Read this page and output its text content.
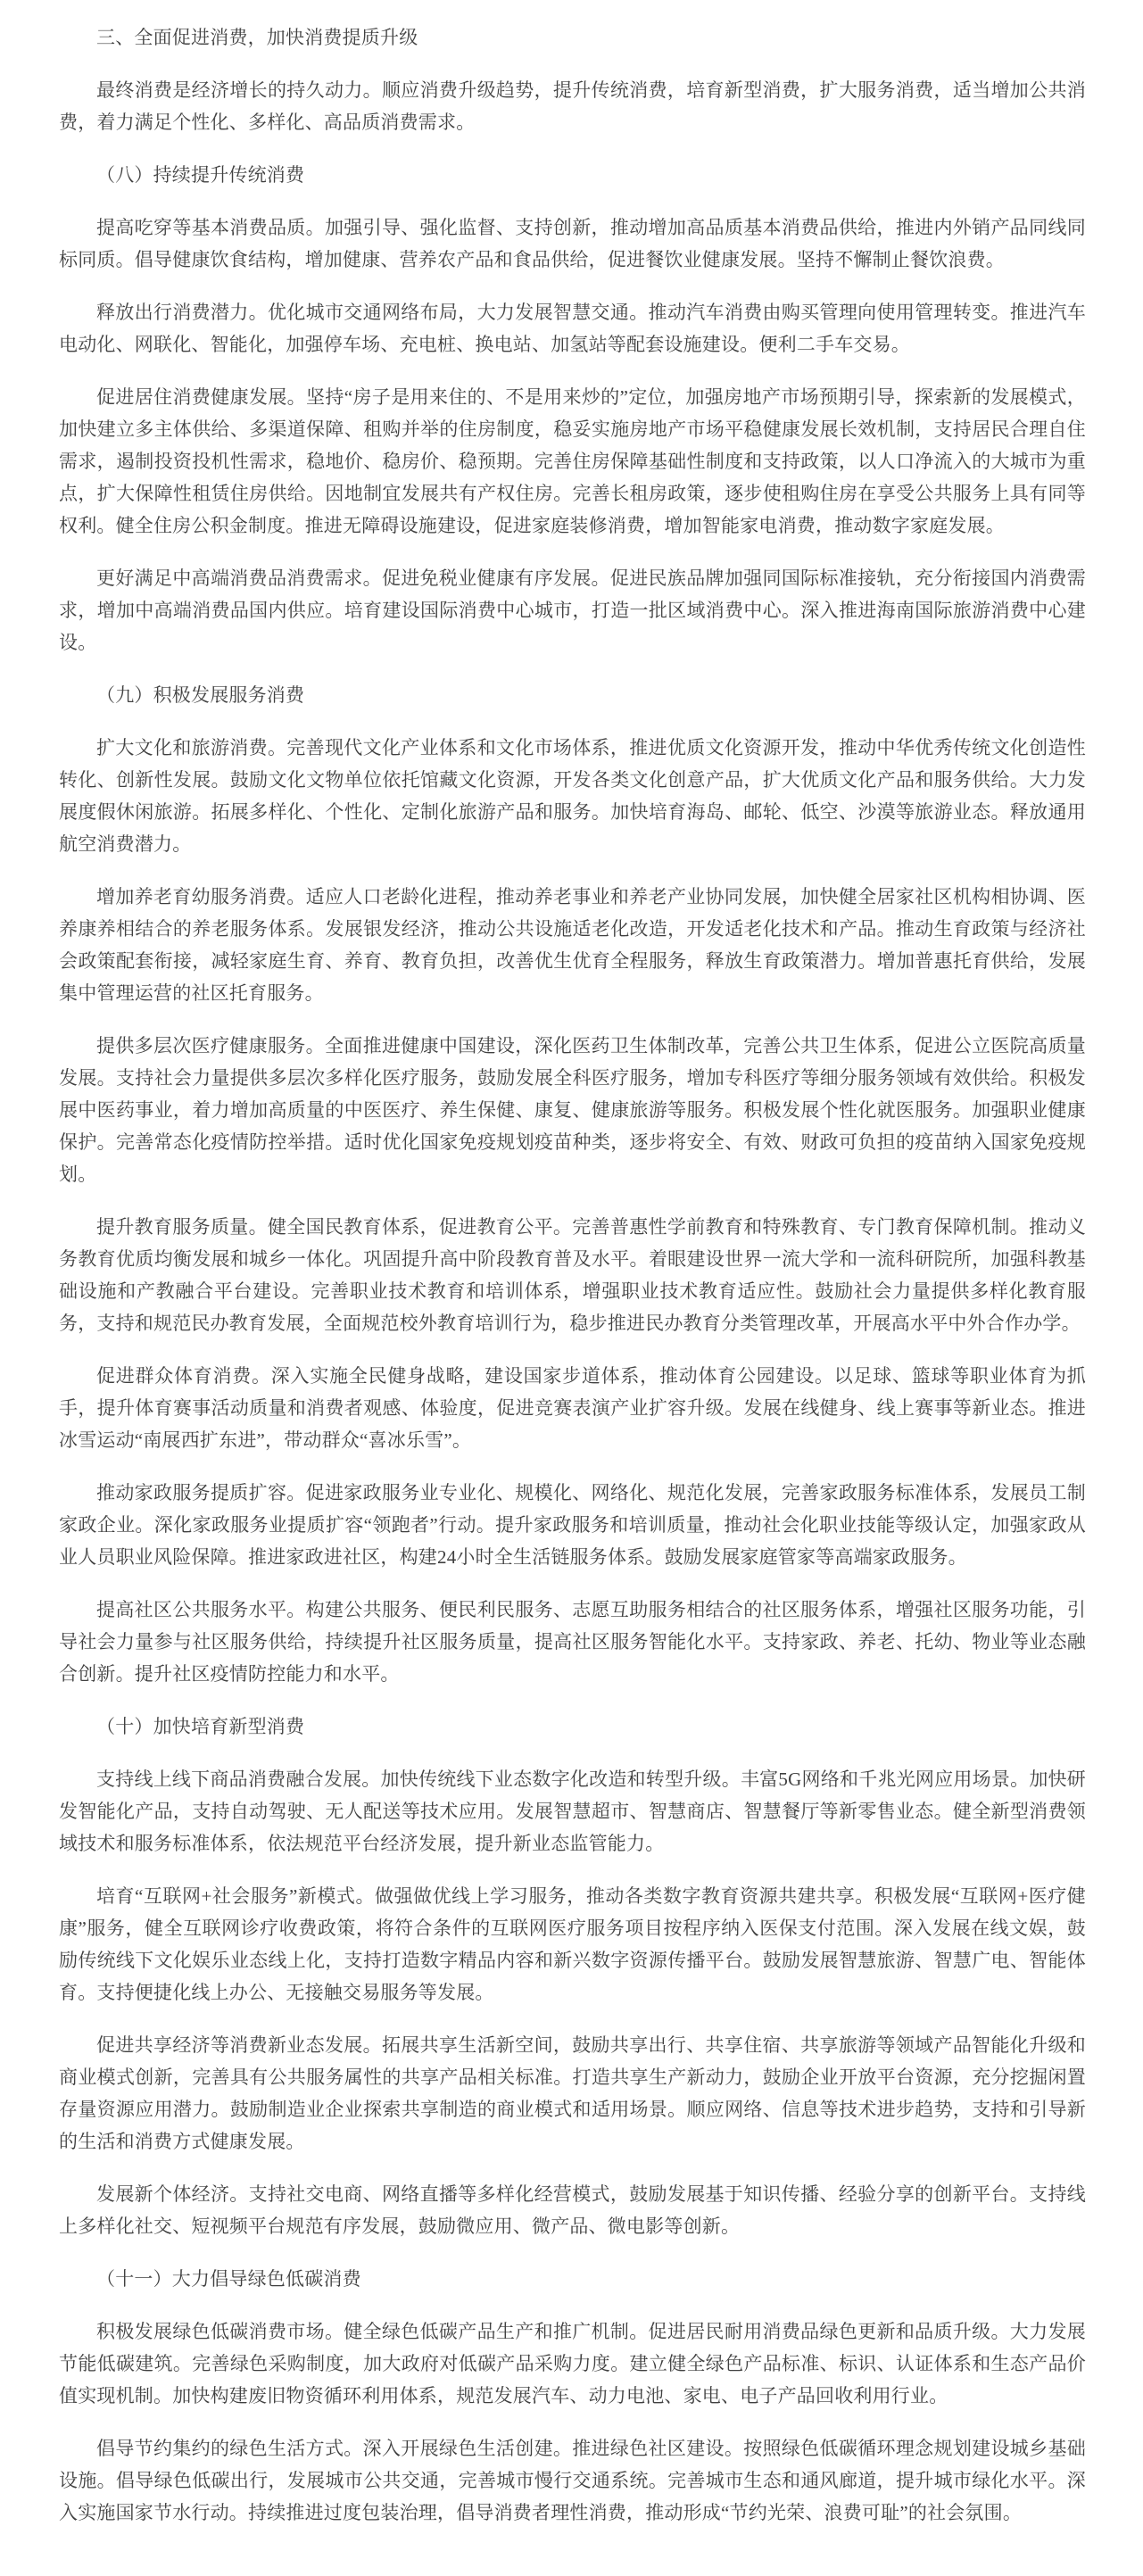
三、全面促进消费，加快消费提质升级

最终消费是经济增长的持久动力。顺应消费升级趋势，提升传统消费，培育新型消费，扩大服务消费，适当增加公共消费，着力满足个性化、多样化、高品质消费需求。

（八）持续提升传统消费

提高吃穿等基本消费品质。加强引导、强化监督、支持创新，推动增加高品质基本消费品供给，推进内外销产品同线同标同质。倡导健康饮食结构，增加健康、营养农产品和食品供给，促进餐饮业健康发展。坚持不懈制止餐饮浪费。

释放出行消费潜力。优化城市交通网络布局，大力发展智慧交通。推动汽车消费由购买管理向使用管理转变。推进汽车电动化、网联化、智能化，加强停车场、充电桩、换电站、加氢站等配套设施建设。便利二手车交易。

促进居住消费健康发展。坚持“房子是用来住的、不是用来炒的”定位，加强房地产市场预期引导，探索新的发展模式，加快建立多主体供给、多渠道保障、租购并举的住房制度，稳妥实施房地产市场平稳健康发展长效机制，支持居民合理自住需求，遏制投资投机性需求，稳地价、稳房价、稳预期。完善住房保障基础性制度和支持政策，以人口净流入的大城市为重点，扩大保障性租赁住房供给。因地制宜发展共有产权住房。完善长租房政策，逐步使租购住房在享受公共服务上具有同等权利。健全住房公积金制度。推进无障碍设施建设，促进家庭装修消费，增加智能家电消费，推动数字家庭发展。

更好满足中高端消费品消费需求。促进免税业健康有序发展。促进民族品牌加强同国际标准接轨，充分衔接国内消费需求，增加中高端消费品国内供应。培育建设国际消费中心城市，打造一批区域消费中心。深入推进海南国际旅游消费中心建设。

（九）积极发展服务消费

扩大文化和旅游消费。完善现代文化产业体系和文化市场体系，推进优质文化资源开发，推动中华优秀传统文化创造性转化、创新性发展。鼓励文化文物单位依托馆藏文化资源，开发各类文化创意产品，扩大优质文化产品和服务供给。大力发展度假休闲旅游。拓展多样化、个性化、定制化旅游产品和服务。加快培育海岛、邮轮、低空、沙漠等旅游业态。释放通用航空消费潜力。

增加养老育幼服务消费。适应人口老龄化进程，推动养老事业和养老产业协同发展，加快健全居家社区机构相协调、医养康养相结合的养老服务体系。发展银发经济，推动公共设施适老化改造，开发适老化技术和产品。推动生育政策与经济社会政策配套衔接，减轻家庭生育、养育、教育负担，改善优生优育全程服务，释放生育政策潜力。增加普惠托育供给，发展集中管理运营的社区托育服务。

提供多层次医疗健康服务。全面推进健康中国建设，深化医药卫生体制改革，完善公共卫生体系，促进公立医院高质量发展。支持社会力量提供多层次多样化医疗服务，鼓励发展全科医疗服务，增加专科医疗等细分服务领域有效供给。积极发展中医药事业，着力增加高质量的中医医疗、养生保健、康复、健康旅游等服务。积极发展个性化就医服务。加强职业健康保护。完善常态化疫情防控举措。适时优化国家免疫规划疫苗种类，逐步将安全、有效、财政可负担的疫苗纳入国家免疫规划。

提升教育服务质量。健全国民教育体系，促进教育公平。完善普惠性学前教育和特殊教育、专门教育保障机制。推动义务教育优质均衡发展和城乡一体化。巩固提升高中阶段教育普及水平。着眼建设世界一流大学和一流科研院所，加强科教基础设施和产教融合平台建设。完善职业技术教育和培训体系，增强职业技术教育适应性。鼓励社会力量提供多样化教育服务，支持和规范民办教育发展，全面规范校外教育培训行为，稳步推进民办教育分类管理改革，开展高水平中外合作办学。

促进群众体育消费。深入实施全民健身战略，建设国家步道体系，推动体育公园建设。以足球、篮球等职业体育为抓手，提升体育赛事活动质量和消费者观感、体验度，促进竞赛表演产业扩容升级。发展在线健身、线上赛事等新业态。推进冰雪运动“南展西扩东进”，带动群众“喜冰乐雪”。

推动家政服务提质扩容。促进家政服务业专业化、规模化、网络化、规范化发展，完善家政服务标准体系，发展员工制家政企业。深化家政服务业提质扩容“领跑者”行动。提升家政服务和培训质量，推动社会化职业技能等级认定，加强家政从业人员职业风险保障。推进家政进社区，构建24小时全生活链服务体系。鼓励发展家庭管家等高端家政服务。

提高社区公共服务水平。构建公共服务、便民利民服务、志愿互助服务相结合的社区服务体系，增强社区服务功能，引导社会力量参与社区服务供给，持续提升社区服务质量，提高社区服务智能化水平。支持家政、养老、托幼、物业等业态融合创新。提升社区疫情防控能力和水平。

（十）加快培育新型消费

支持线上线下商品消费融合发展。加快传统线下业态数字化改造和转型升级。丰富5G网络和千兆光网应用场景。加快研发智能化产品，支持自动驾驶、无人配送等技术应用。发展智慧超市、智慧商店、智慧餐厅等新零售业态。健全新型消费领域技术和服务标准体系，依法规范平台经济发展，提升新业态监管能力。

培育“互联网+社会服务”新模式。做强做优线上学习服务，推动各类数字教育资源共建共享。积极发展“互联网+医疗健康”服务，健全互联网诊疗收费政策，将符合条件的互联网医疗服务项目按程序纳入医保支付范围。深入发展在线文娱，鼓励传统线下文化娱乐业态线上化，支持打造数字精品内容和新兴数字资源传播平台。鼓励发展智慧旅游、智慧广电、智能体育。支持便捷化线上办公、无接触交易服务等发展。

促进共享经济等消费新业态发展。拓展共享生活新空间，鼓励共享出行、共享住宿、共享旅游等领域产品智能化升级和商业模式创新，完善具有公共服务属性的共享产品相关标准。打造共享生产新动力，鼓励企业开放平台资源，充分挖掘闲置存量资源应用潜力。鼓励制造业企业探索共享制造的商业模式和适用场景。顺应网络、信息等技术进步趋势，支持和引导新的生活和消费方式健康发展。

发展新个体经济。支持社交电商、网络直播等多样化经营模式，鼓励发展基于知识传播、经验分享的创新平台。支持线上多样化社交、短视频平台规范有序发展，鼓励微应用、微产品、微电影等创新。

（十一）大力倡导绿色低碳消费

积极发展绿色低碳消费市场。健全绿色低碳产品生产和推广机制。促进居民耐用消费品绿色更新和品质升级。大力发展节能低碳建筑。完善绿色采购制度，加大政府对低碳产品采购力度。建立健全绿色产品标准、标识、认证体系和生态产品价值实现机制。加快构建废旧物资循环利用体系，规范发展汽车、动力电池、家电、电子产品回收利用行业。

倡导节约集约的绿色生活方式。深入开展绿色生活创建。推进绿色社区建设。按照绿色低碳循环理念规划建设城乡基础设施。倡导绿色低碳出行，发展城市公共交通，完善城市慢行交通系统。完善城市生态和通风廊道，提升城市绿化水平。深入实施国家节水行动。持续推进过度包装治理，倡导消费者理性消费，推动形成“节约光荣、浪费可耻”的社会氛围。
